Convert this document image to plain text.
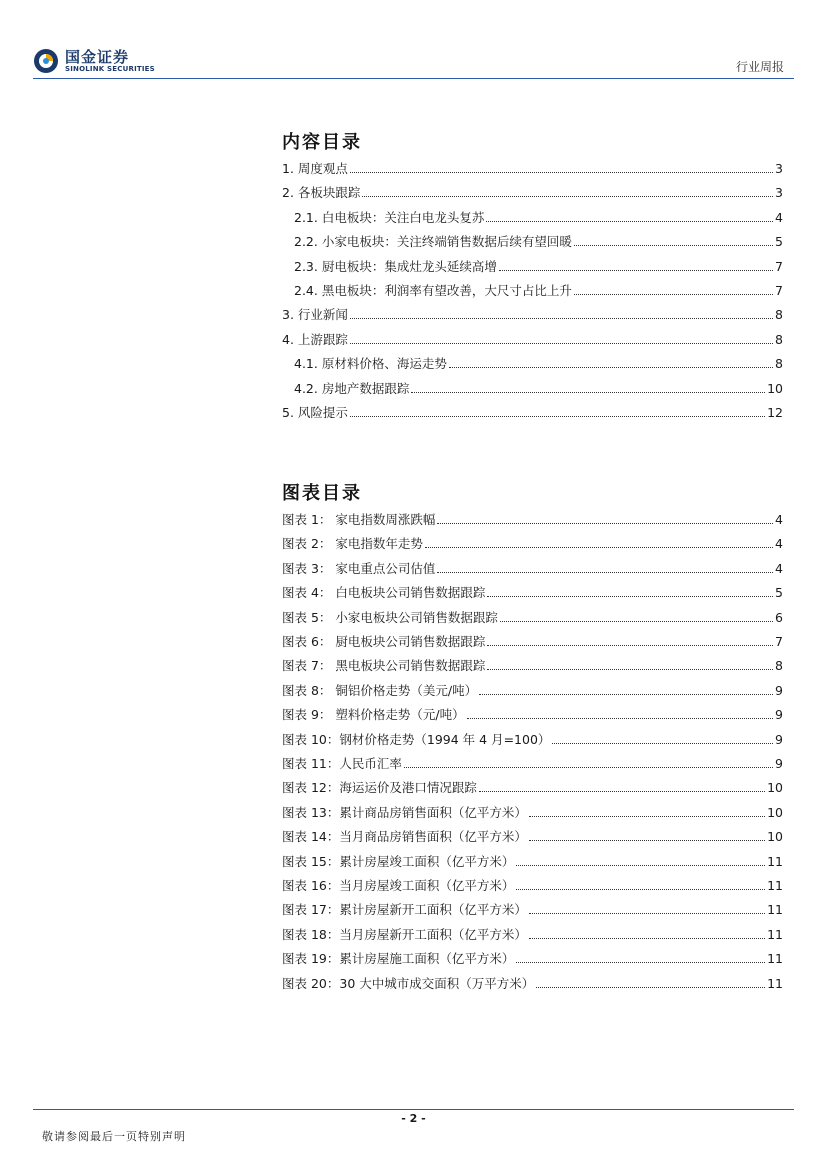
国金证券
SINOLINK SECURITIES	行业周报
内容目录
1. 周度观点	3
2. 各板块跟踪	3
2.1. 白电板块：关注白电龙头复苏	4
2.2. 小家电板块：关注终端销售数据后续有望回暖	5
2.3. 厨电板块：集成灶龙头延续高增	7
2.4. 黑电板块：利润率有望改善，大尺寸占比上升	7
3. 行业新闻	8
4. 上游跟踪	8
4.1. 原材料价格、海运走势	8
4.2. 房地产数据跟踪	10
5. 风险提示	12
图表目录
图表 1： 家电指数周涨跌幅	4
图表 2： 家电指数年走势	4
图表 3： 家电重点公司估值	4
图表 4： 白电板块公司销售数据跟踪	5
图表 5： 小家电板块公司销售数据跟踪	6
图表 6： 厨电板块公司销售数据跟踪	7
图表 7： 黑电板块公司销售数据跟踪	8
图表 8： 铜铝价格走势（美元/吨）	9
图表 9： 塑料价格走势（元/吨）	9
图表 10：钢材价格走势（1994 年 4 月=100）	9
图表 11：人民币汇率	9
图表 12：海运运价及港口情况跟踪	10
图表 13：累计商品房销售面积（亿平方米）	10
图表 14：当月商品房销售面积（亿平方米）	10
图表 15：累计房屋竣工面积（亿平方米）	11
图表 16：当月房屋竣工面积（亿平方米）	11
图表 17：累计房屋新开工面积（亿平方米）	11
图表 18：当月房屋新开工面积（亿平方米）	11
图表 19：累计房屋施工面积（亿平方米）	11
图表 20：30 大中城市成交面积（万平方米）	11
- 2 -
敬请参阅最后一页特别声明
